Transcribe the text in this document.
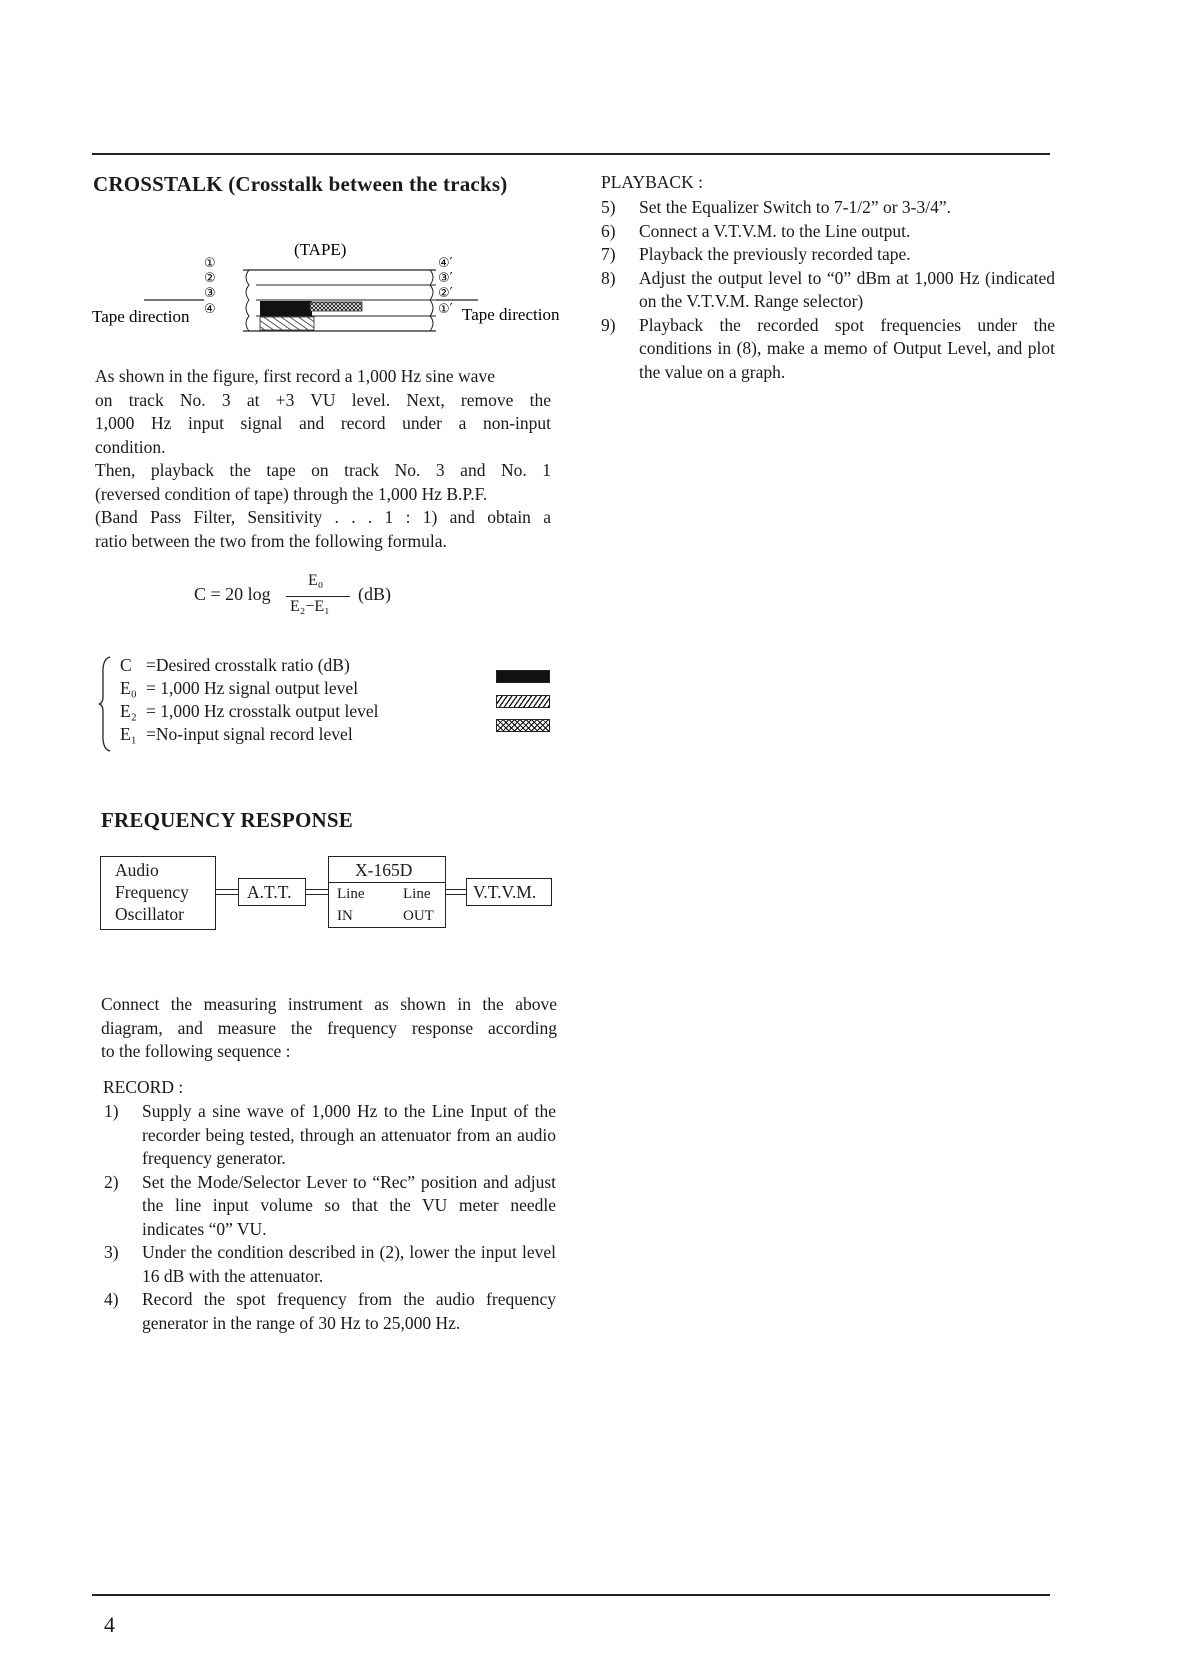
CROSSTALK (Crosstalk between the tracks)
(TAPE)
①
②
③
④
④′
③′
②′
①′
Tape direction	Tape direction

As shown in the figure, first record a 1,000 Hz sine wave
on track No. 3 at +3 VU level. Next, remove the
1,000 Hz input signal and record under a non-input
condition.
Then, playback the tape on track No. 3 and No. 1
(reversed condition of tape) through the 1,000 Hz B.P.F.
(Band Pass Filter, Sensitivity . . . 1 : 1) and obtain a
ratio between the two from the following formula.

C = 20 log
E₀
E₂−E₁
(dB)
C =Desired crosstalk ratio (dB)
E₀ = 1,000 Hz signal output level
E₂ = 1,000 Hz crosstalk output level
E₁ =No-input signal record level
FREQUENCY RESPONSE
Audio
Frequency
Oscillator
A.T.T.
X-165D
Line	Line
IN	OUT
V.T.V.M.

Connect the measuring instrument as shown in the above
diagram, and measure the frequency response according
to the following sequence :

RECORD :
1) Supply a sine wave of 1,000 Hz to the Line Input of the recorder being tested, through an attenuator from an audio frequency generator.
2) Set the Mode/Selector Lever to “Rec” position and adjust the line input volume so that the VU meter needle indicates “0” VU.
3) Under the condition described in (2), lower the input level 16 dB with the attenuator.
4) Record the spot frequency from the audio frequency generator in the range of 30 Hz to 25,000 Hz.
PLAYBACK :
5) Set the Equalizer Switch to 7-1/2” or 3-3/4”.
6) Connect a V.T.V.M. to the Line output.
7) Playback the previously recorded tape.
8) Adjust the output level to “0” dBm at 1,000 Hz (indicated on the V.T.V.M. Range selector)
9) Playback the recorded spot frequencies under the conditions in (8), make a memo of Output Level, and plot the value on a graph.
4
